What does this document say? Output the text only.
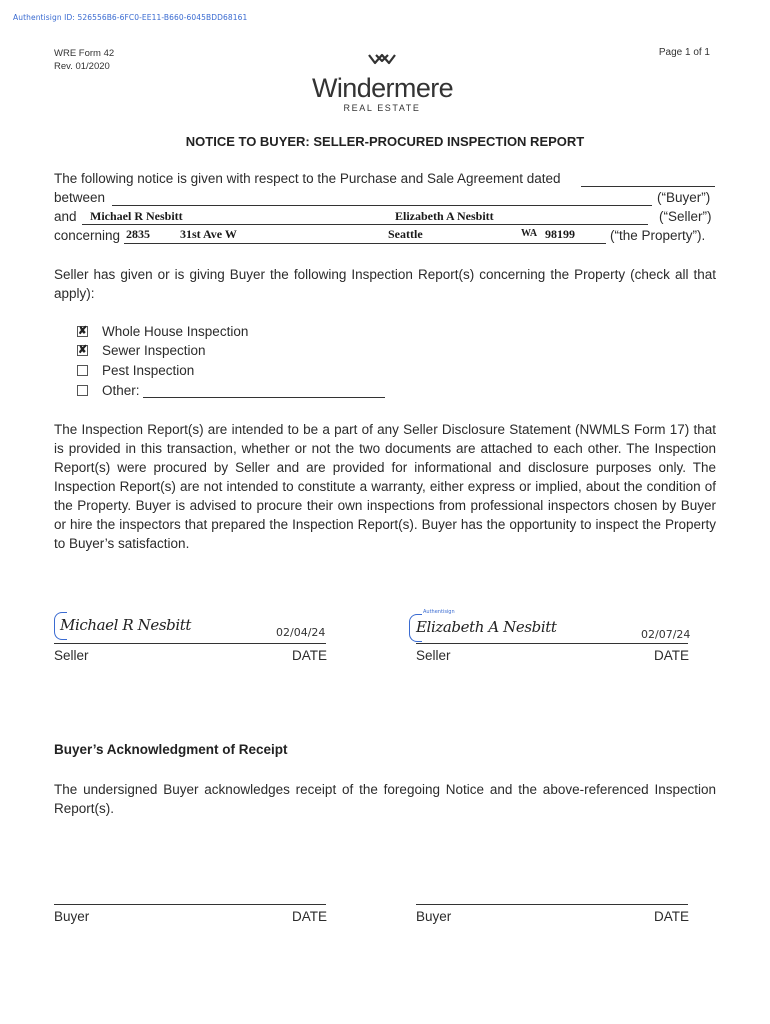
Authentisign ID: 526556B6-6FC0-EE11-B660-6045BDD68161
WRE Form 42
Rev. 01/2020
Page 1 of 1
Windermere
REAL ESTATE
NOTICE TO BUYER: SELLER-PROCURED INSPECTION REPORT
The following notice is given with respect to the Purchase and Sale Agreement dated
between	(“Buyer”)
and Michael R Nesbitt	Elizabeth A Nesbitt	(“Seller”)
concerning 2835	31st Ave W	Seattle	WA 98199	(“the Property”).
Seller has given or is giving Buyer the following Inspection Report(s) concerning the Property (check all that apply):
✘ Whole House Inspection
✘ Sewer Inspection
Pest Inspection
Other:
The Inspection Report(s) are intended to be a part of any Seller Disclosure Statement (NWMLS Form 17) that is provided in this transaction, whether or not the two documents are attached to each other. The Inspection Report(s) were procured by Seller and are provided for informational and disclosure purposes only. The Inspection Report(s) are not intended to constitute a warranty, either express or implied, about the condition of the Property. Buyer is advised to procure their own inspections from professional inspectors chosen by Buyer or hire the inspectors that prepared the Inspection Report(s). Buyer has the opportunity to inspect the Property to Buyer’s satisfaction.
Michael R Nesbitt	02/04/24
Seller	DATE
Authentisign
Elizabeth A Nesbitt	02/07/24
Seller	DATE
Buyer’s Acknowledgment of Receipt
The undersigned Buyer acknowledges receipt of the foregoing Notice and the above-referenced Inspection Report(s).
Buyer	DATE	Buyer	DATE
